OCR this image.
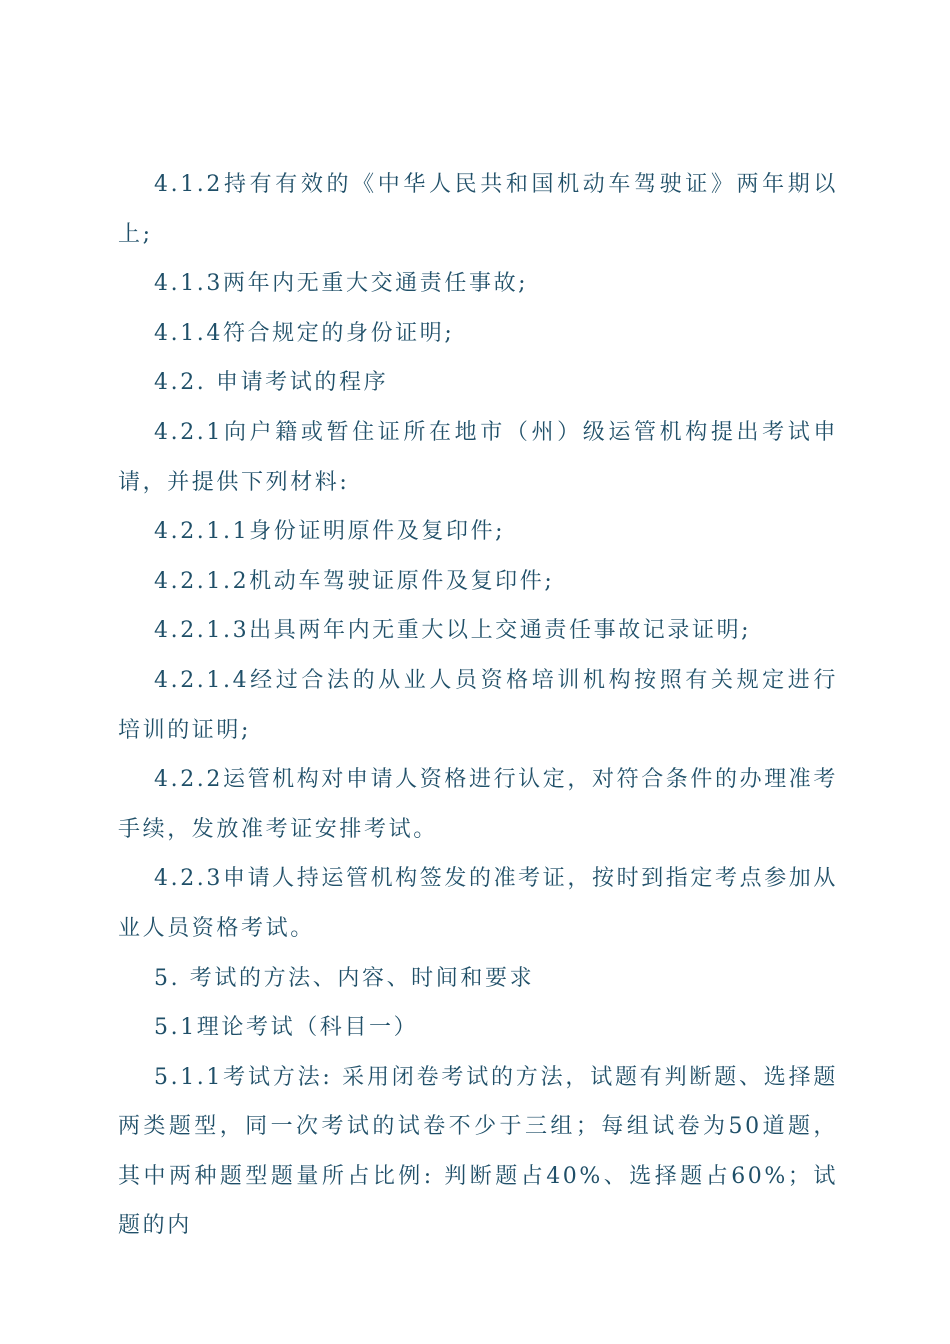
4.1.2持有有效的《中华人民共和国机动车驾驶证》两年期以上;

4.1.3两年内无重大交通责任事故;

4.1.4符合规定的身份证明;

4.2. 申请考试的程序

4.2.1向户籍或暂住证所在地市（州）级运管机构提出考试申请，并提供下列材料:

4.2.1.1身份证明原件及复印件;

4.2.1.2机动车驾驶证原件及复印件;

4.2.1.3出具两年内无重大以上交通责任事故记录证明;

4.2.1.4经过合法的从业人员资格培训机构按照有关规定进行培训的证明;

4.2.2运管机构对申请人资格进行认定，对符合条件的办理准考手续，发放准考证安排考试。

4.2.3申请人持运管机构签发的准考证，按时到指定考点参加从业人员资格考试。

5. 考试的方法、内容、时间和要求

5.1理论考试（科目一）

5.1.1考试方法: 采用闭卷考试的方法，试题有判断题、选择题两类题型，同一次考试的试卷不少于三组；每组试卷为50道题，其中两种题型题量所占比例: 判断题占40%、选择题占60%；试题的内
